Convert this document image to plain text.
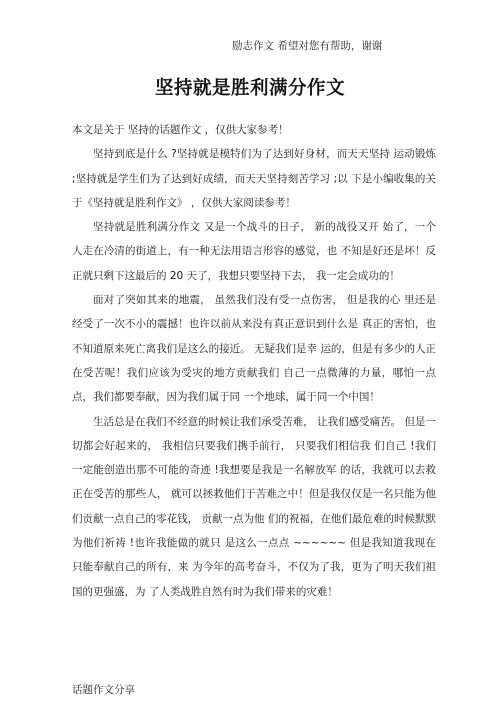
励志作文 希望对您有帮助，谢谢
坚持就是胜利满分作文

本文是关于 坚持的话题作文 ，仅供大家参考！

坚持到底是什么 ?坚持就是模特们为了达到好身材，而天天坚持 运动锻炼 ;坚持就是学生们为了达到好成绩，而天天坚持刻苦学习 ;以 下是小编收集的关于《坚持就是胜利作文》 ，仅供大家阅读参考！

坚持就是胜利满分作文 又是一个战斗的日子， 新的战役又开 始了，一个人走在冷清的街道上，有一种无法用语言形容的感觉，也 不知是好还是坏！反正就只剩下这最后的 20 天了，我想只要坚持下去， 我一定会成功的！

面对了突如其来的地震， 虽然我们没有受一点伤害， 但是我的心 里还是经受了一次不小的震撼！也许以前从来没有真正意识到什么是 真正的害怕，也不知道原来死亡离我们是这么的接近。 无疑我们是幸 运的，但是有多少的人正在受苦呢！我们应该为受灾的地方贡献我们 自己一点微薄的力量，哪怕一点点，我们都要奉献，因为我们属于同 一个地球，属于同一个中国！

生活总是在我们不经意的时候让我们承受苦难， 让我们感受痛苦。 但是一切都会好起来的， 我相信只要我们携手前行， 只要我们相信我 们自己 !我们一定能创造出那不可能的奇迹 !我想要是我是一名解放军 的话，我就可以去救正在受苦的那些人， 就可以拯救他们于苦难之中！但是我仅仅是一名只能为他们贡献一点自己的零花钱， 贡献一点为他 们的祝福，在他们最危难的时候默默为他们祈祷 !也许我能做的就只 是这么一点点 ~~~~~~ 但是我知道我现在只能奉献自己的所有，来 为今年的高考奋斗，不仅为了我，更为了明天我们祖国的更强盛，为 了人类战胜自然有时为我们带来的灾难！

话题作文分享
